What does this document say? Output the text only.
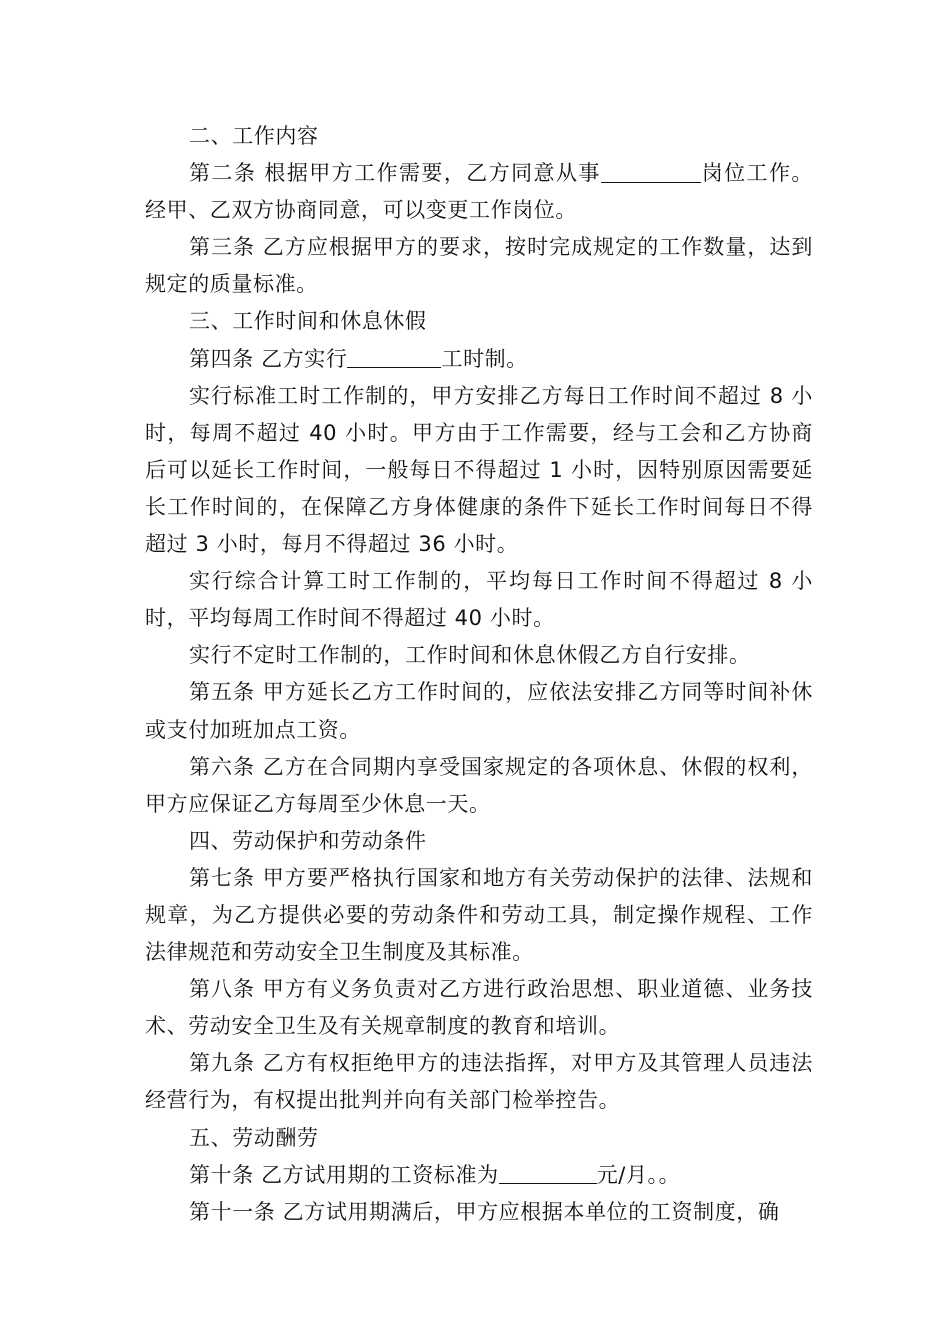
二、工作内容

第二条 根据甲方工作需要，乙方同意从事	岗位工作。经甲、乙双方协商同意，可以变更工作岗位。

第三条 乙方应根据甲方的要求，按时完成规定的工作数量，达到规定的质量标准。

三、工作时间和休息休假

第四条 乙方实行	工时制。

实行标准工时工作制的，甲方安排乙方每日工作时间不超过 8 小时，每周不超过 40 小时。甲方由于工作需要，经与工会和乙方协商后可以延长工作时间，一般每日不得超过 1 小时，因特别原因需要延长工作时间的，在保障乙方身体健康的条件下延长工作时间每日不得超过 3 小时，每月不得超过 36 小时。

实行综合计算工时工作制的，平均每日工作时间不得超过 8 小时，平均每周工作时间不得超过 40 小时。

实行不定时工作制的，工作时间和休息休假乙方自行安排。

第五条 甲方延长乙方工作时间的，应依法安排乙方同等时间补休或支付加班加点工资。

第六条 乙方在合同期内享受国家规定的各项休息、休假的权利，甲方应保证乙方每周至少休息一天。

四、劳动保护和劳动条件

第七条 甲方要严格执行国家和地方有关劳动保护的法律、法规和规章，为乙方提供必要的劳动条件和劳动工具，制定操作规程、工作法律规范和劳动安全卫生制度及其标准。

第八条 甲方有义务负责对乙方进行政治思想、职业道德、业务技术、劳动安全卫生及有关规章制度的教育和培训。

第九条 乙方有权拒绝甲方的违法指挥，对甲方及其管理人员违法经营行为，有权提出批判并向有关部门检举控告。

五、劳动酬劳

第十条 乙方试用期的工资标准为	元/月。。

第十一条 乙方试用期满后，甲方应根据本单位的工资制度，确
